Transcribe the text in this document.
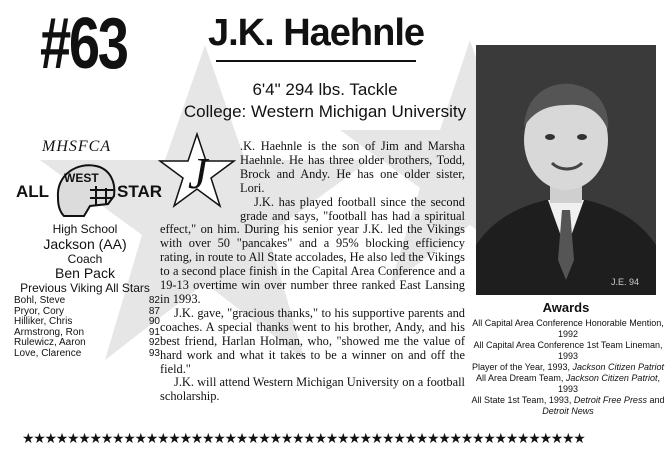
#63 J.K. Haehnle
6'4" 294 lbs. Tackle
College: Western Michigan University
MHSFCA
WEST
ALL	STAR
High School
Jackson (AA)
Coach
Ben Pack
Previous Viking All Stars
Bohl, Steve	82
Pryor, Cory	87
Hilliker, Chris	90
Armstrong, Ron	91
Rulewicz, Aaron	92
Love, Clarence	93
J

.K. Haehnle is the son of Jim and Marsha Haehnle. He has three older brothers, Todd, Brock and Andy. He has one older sister, Lori.

J.K. has played football since the second grade and says, "football has had a spiritual effect," on him. During his senior year J.K. led the Vikings with over 50 "pancakes" and a 95% blocking efficiency rating, in route to All State accolades, He also led the Vikings to a second place finish in the Capital Area Conference and a 19-13 overtime win over number three ranked East Lansing in 1993.

J.K. gave, "gracious thanks," to his supportive parents and coaches. A special thanks went to his brother, Andy, and his best friend, Harlan Holman, who, "showed me the value of hard work and what it takes to be a winner on and off the field."

J.K. will attend Western Michigan University on a football scholarship.

J.E. 94
Awards
All Capital Area Conference Honorable Mention, 1992
All Capital Area Conference 1st Team Lineman, 1993
Player of the Year, 1993, Jackson Citizen Patriot
All Area Dream Team, Jackson Citizen Patriot, 1993
All State 1st Team, 1993, Detroit Free Press and
Detroit News
★★★★★★★★★★★★★★★★★★★★★★★★★★★★★★★★★★★★★★★★★★★★★★★★★★
